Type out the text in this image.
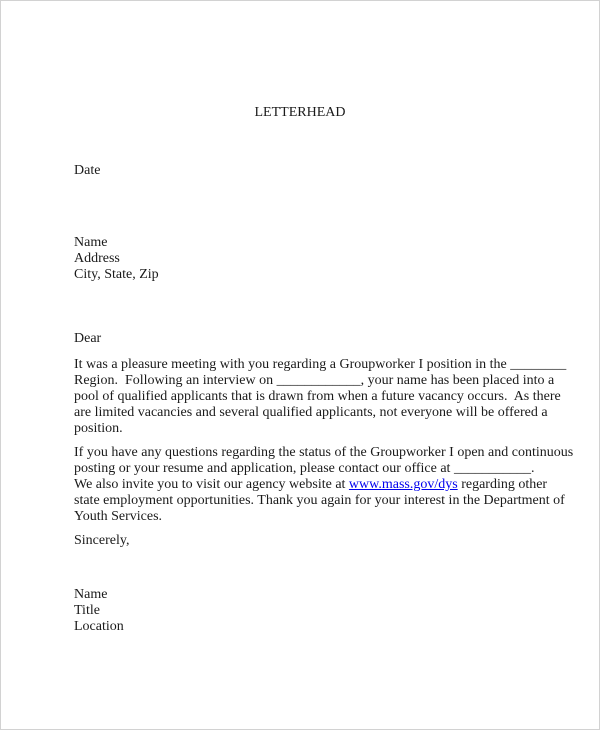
LETTERHEAD
Date
Name
Address
City, State, Zip
Dear
It was a pleasure meeting with you regarding a Groupworker I position in the ________
Region.  Following an interview on ____________, your name has been placed into a
pool of qualified applicants that is drawn from when a future vacancy occurs.  As there
are limited vacancies and several qualified applicants, not everyone will be offered a
position.
If you have any questions regarding the status of the Groupworker I open and continuous
posting or your resume and application, please contact our office at ___________.
We also invite you to visit our agency website at www.mass.gov/dys regarding other
state employment opportunities. Thank you again for your interest in the Department of
Youth Services.
Sincerely,
Name
Title
Location
